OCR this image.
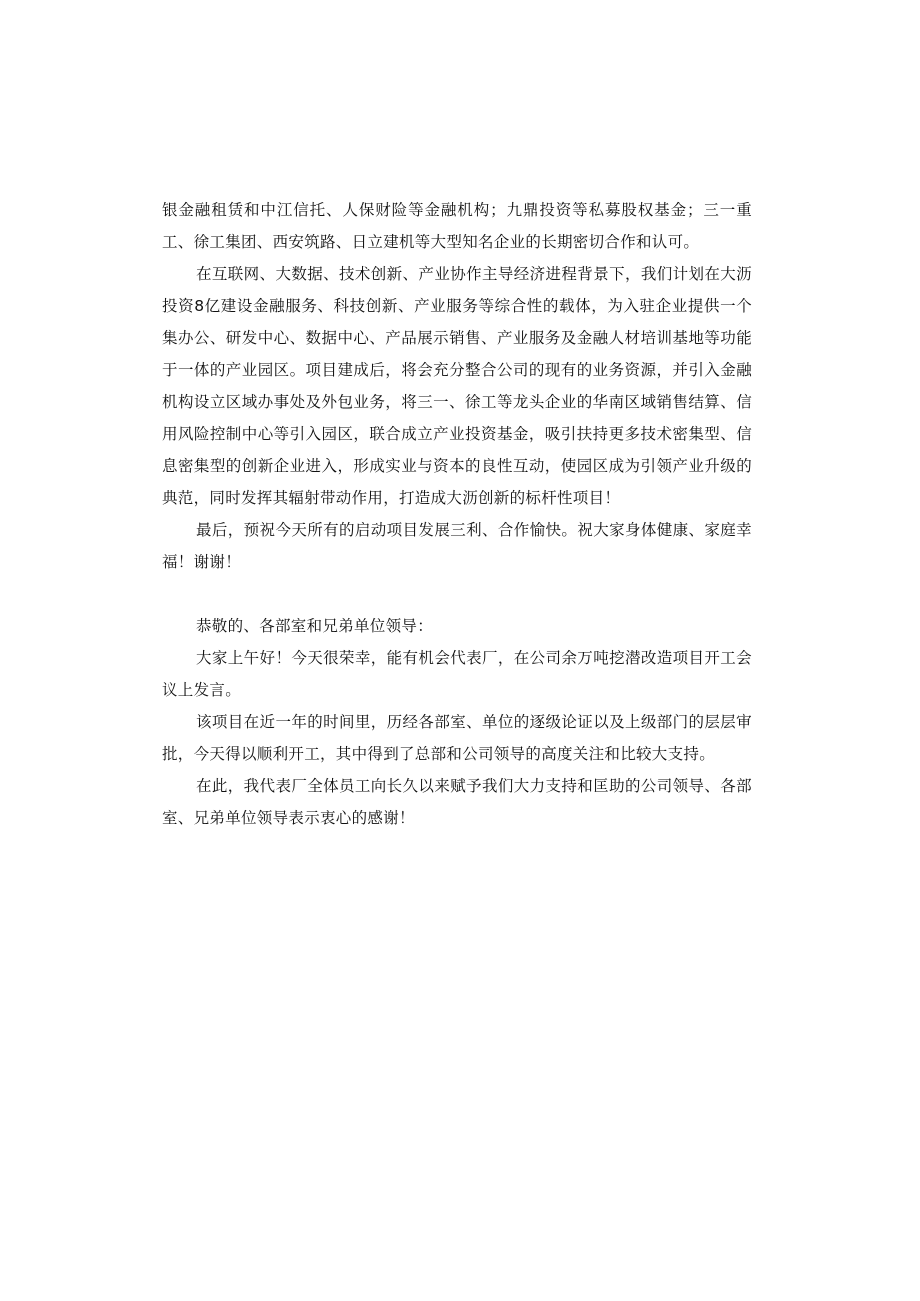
银金融租赁和中江信托、人保财险等金融机构；九鼎投资等私募股权基金；三一重工、徐工集团、西安筑路、日立建机等大型知名企业的长期密切合作和认可。

在互联网、大数据、技术创新、产业协作主导经济进程背景下，我们计划在大沥投资8亿建设金融服务、科技创新、产业服务等综合性的载体，为入驻企业提供一个集办公、研发中心、数据中心、产品展示销售、产业服务及金融人材培训基地等功能于一体的产业园区。项目建成后，将会充分整合公司的现有的业务资源，并引入金融机构设立区域办事处及外包业务，将三一、徐工等龙头企业的华南区域销售结算、信用风险控制中心等引入园区，联合成立产业投资基金，吸引扶持更多技术密集型、信息密集型的创新企业进入，形成实业与资本的良性互动，使园区成为引领产业升级的典范，同时发挥其辐射带动作用，打造成大沥创新的标杆性项目！

最后，预祝今天所有的启动项目发展三利、合作愉快。祝大家身体健康、家庭幸福！谢谢！

恭敬的、各部室和兄弟单位领导：

大家上午好！今天很荣幸，能有机会代表厂，在公司余万吨挖潜改造项目开工会议上发言。

该项目在近一年的时间里，历经各部室、单位的逐级论证以及上级部门的层层审批，今天得以顺利开工，其中得到了总部和公司领导的高度关注和比较大支持。

在此，我代表厂全体员工向长久以来赋予我们大力支持和匡助的公司领导、各部室、兄弟单位领导表示衷心的感谢！
